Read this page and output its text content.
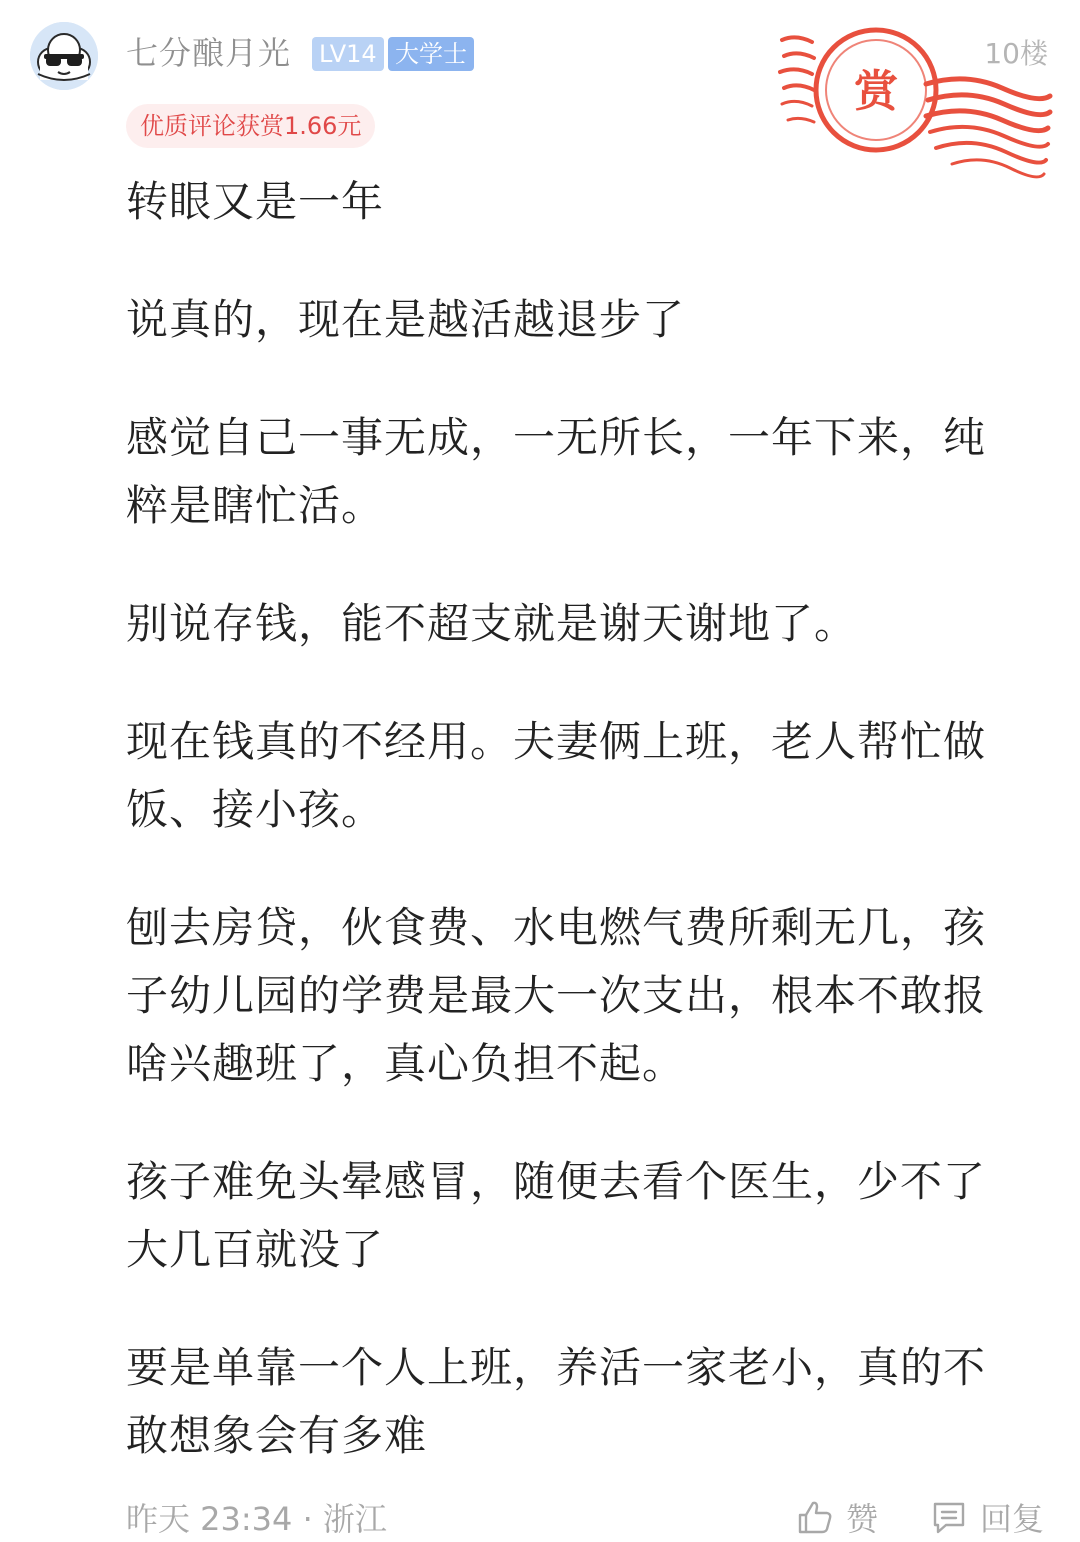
七分酿月光 LV14 大学士	10楼
优质评论获赏1.66元
赏

转眼又是一年

说真的，现在是越活越退步了

感觉自己一事无成，一无所长，一年下来，纯粹是瞎忙活。

别说存钱，能不超支就是谢天谢地了。

现在钱真的不经用。夫妻俩上班，老人帮忙做饭、接小孩。

刨去房贷，伙食费、水电燃气费所剩无几，孩子幼儿园的学费是最大一次支出，根本不敢报啥兴趣班了，真心负担不起。

孩子难免头晕感冒，随便去看个医生，少不了大几百就没了

要是单靠一个人上班，养活一家老小，真的不敢想象会有多难

昨天 23:34 · 浙江	赞	回复
